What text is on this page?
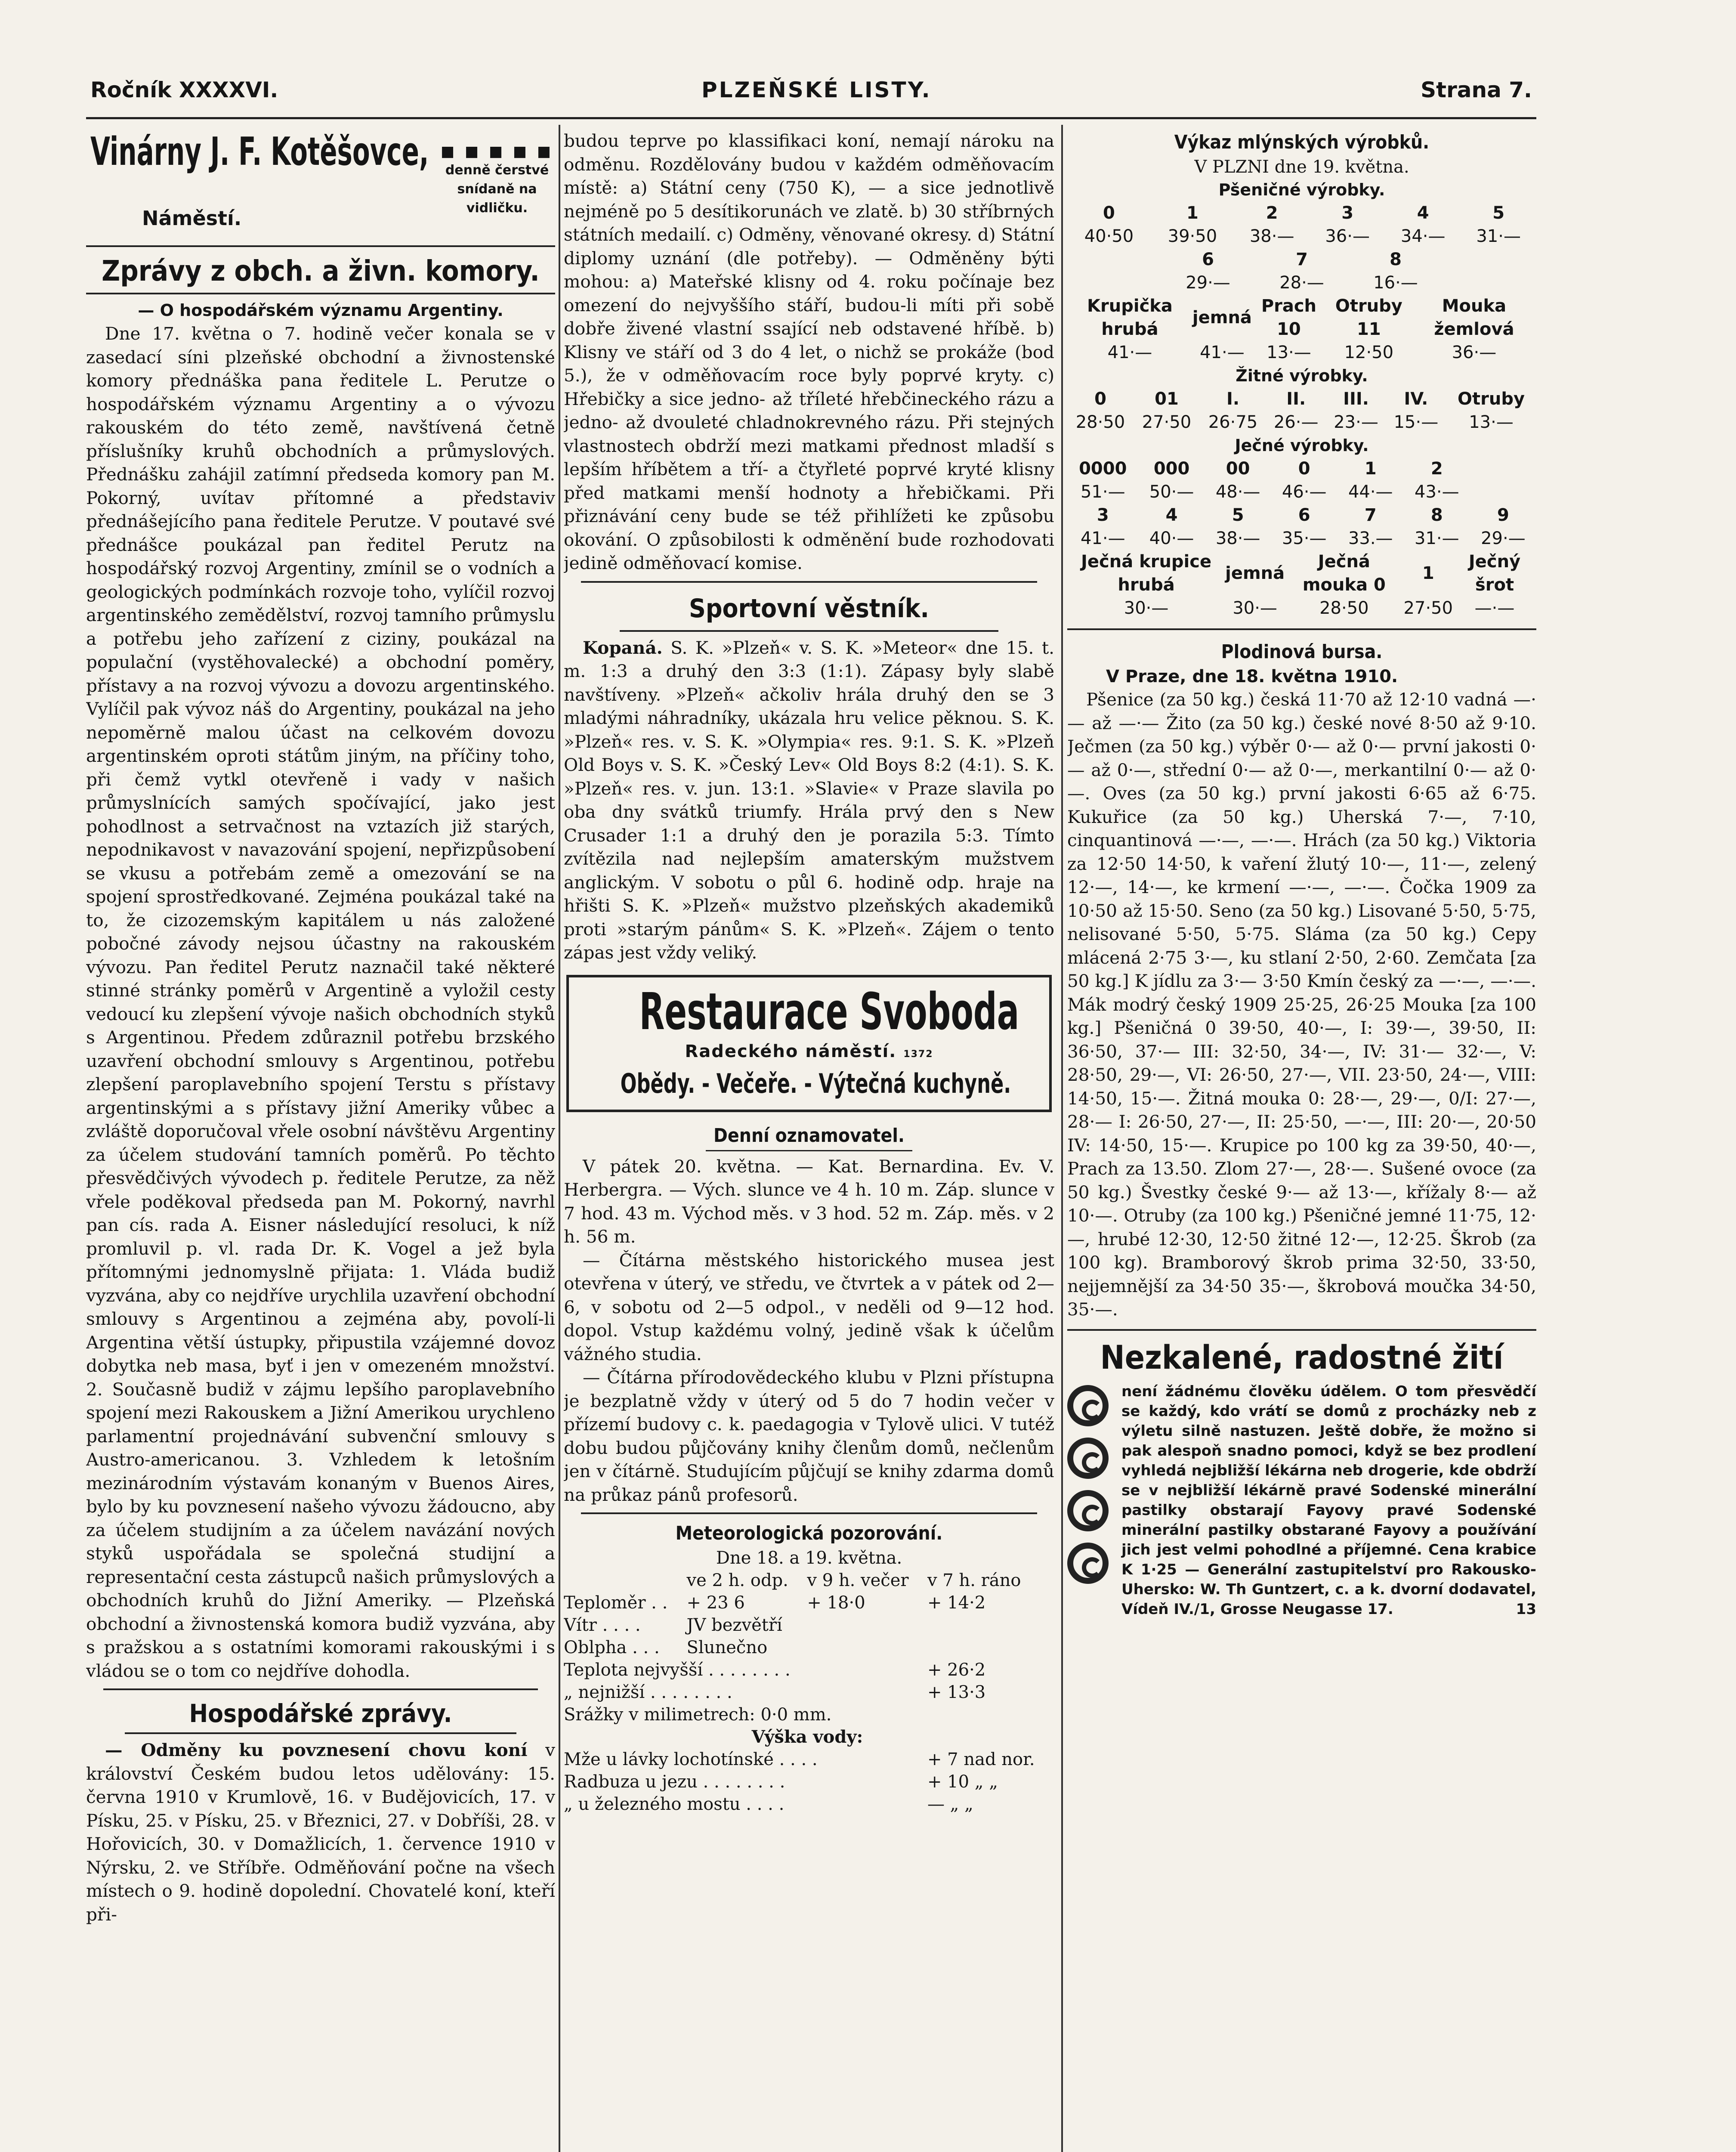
Ročník XXXXVI.	PLZEŇSKÉ LISTY.	Strana 7.
Vinárny J. F. Kotěšovce,
Náměstí.
■ ■ ■ ■ ■
denně čerstvé snídaně na vidličku.
Zprávy z obch. a živn. komory.

— O hospodářském významu Argentiny.

Dne 17. května o 7. hodině večer konala se v zasedací síni plzeňské obchodní a živnostenské komory přednáška pana ředitele L. Perutze o hospodářském významu Argentiny a o vývozu rakouském do této země, navštívená četně příslušníky kruhů obchodních a průmyslových. Přednášku zahájil zatímní předseda komory pan M. Pokorný, uvítav přítomné a představiv přednášejícího pana ředitele Perutze. V poutavé své přednášce poukázal pan ředitel Perutz na hospodářský rozvoj Argentiny, zmínil se o vodních a geologických podmínkách rozvoje toho, vylíčil rozvoj argentinského zemědělství, rozvoj tamního průmyslu a potřebu jeho zařízení z ciziny, poukázal na populační (vystěhovalecké) a obchodní poměry, přístavy a na rozvoj vývozu a dovozu argentinského. Vylíčil pak vývoz náš do Argentiny, poukázal na jeho nepoměrně malou účast na celkovém dovozu argentinském oproti státům jiným, na příčiny toho, při čemž vytkl otevřeně i vady v našich průmyslnících samých spočívající, jako jest pohodlnost a setrvačnost na vztazích již starých, nepodnikavost v navazování spojení, nepřizpůsobení se vkusu a potřebám země a omezování se na spojení sprostředkované. Zejména poukázal také na to, že cizozemským kapitálem u nás založené pobočné závody nejsou účastny na rakouském vývozu. Pan ředitel Perutz naznačil také některé stinné stránky poměrů v Argentině a vyložil cesty vedoucí ku zlepšení vývoje našich obchodních styků s Argentinou. Předem zdůraznil potřebu brzského uzavření obchodní smlouvy s Argentinou, potřebu zlepšení paroplavebního spojení Terstu s přístavy argentinskými a s přístavy jižní Ameriky vůbec a zvláště doporučoval vřele osobní návštěvu Argentiny za účelem studování tamních poměrů. Po těchto přesvědčivých vývodech p. ředitele Perutze, za něž vřele poděkoval předseda pan M. Pokorný, navrhl pan cís. rada A. Eisner následující resoluci, k níž promluvil p. vl. rada Dr. K. Vogel a jež byla přítomnými jednomyslně přijata: 1. Vláda budiž vyzvána, aby co nejdříve urychlila uzavření obchodní smlouvy s Argentinou a zejména aby, povolí-li Argentina větší ústupky, připustila vzájemné dovoz dobytka neb masa, byť i jen v omezeném množství. 2. Současně budiž v zájmu lepšího paroplavebního spojení mezi Rakouskem a Jižní Amerikou urychleno parlamentní projednávání subvenční smlouvy s Austro-americanou. 3. Vzhledem k letošním mezinárodním výstavám konaným v Buenos Aires, bylo by ku povznesení našeho vývozu žádoucno, aby za účelem studijním a za účelem navázání nových styků uspořádala se společná studijní a representační cesta zástupců našich průmyslových a obchodních kruhů do Jižní Ameriky. — Plzeňská obchodní a živnostenská komora budiž vyzvána, aby s pražskou a s ostatními komorami rakouskými i s vládou se o tom co nejdříve dohodla.

Hospodářské zprávy.

— Odměny ku povznesení chovu koní v království Českém budou letos udělovány: 15. června 1910 v Krumlově, 16. v Budějovicích, 17. v Písku, 25. v Písku, 25. v Březnici, 27. v Dobříši, 28. v Hořovicích, 30. v Domažlicích, 1. července 1910 v Nýrsku, 2. ve Stříbře. Odměňování počne na všech místech o 9. hodině dopolední. Chovatelé koní, kteří při-

budou teprve po klassifikaci koní, nemají nároku na odměnu. Rozdělovány budou v každém odměňovacím místě: a) Státní ceny (750 K), — a sice jednotlivě nejméně po 5 desítikorunách ve zlatě. b) 30 stříbrných státních medailí. c) Odměny, věnované okresy. d) Státní diplomy uznání (dle potřeby). — Odměněny býti mohou: a) Mateřské klisny od 4. roku počínaje bez omezení do nejvyššího stáří, budou-li míti při sobě dobře živené vlastní ssající neb odstavené hříbě. b) Klisny ve stáří od 3 do 4 let, o nichž se prokáže (bod 5.), že v odměňovacím roce byly poprvé kryty. c) Hřebičky a sice jedno- až tříleté hřebčineckého rázu a jedno- až dvouleté chladnokrevného rázu. Při stejných vlastnostech obdrží mezi matkami přednost mladší s lepším hříbětem a tří- a čtyřleté poprvé kryté klisny před matkami menší hodnoty a hřebičkami. Při přiznávání ceny bude se též přihlížeti ke způsobu okování. O způsobilosti k odměnění bude rozhodovati jedině odměňovací komise.

Sportovní věstník.

Kopaná. S. K. »Plzeň« v. S. K. »Meteor« dne 15. t. m. 1:3 a druhý den 3:3 (1:1). Zápasy byly slabě navštíveny. »Plzeň« ačkoliv hrála druhý den se 3 mladými náhradníky, ukázala hru velice pěknou. S. K. »Plzeň« res. v. S. K. »Olympia« res. 9:1. S. K. »Plzeň Old Boys v. S. K. »Český Lev« Old Boys 8:2 (4:1). S. K. »Plzeň« res. v. jun. 13:1. »Slavie« v Praze slavila po oba dny svátků triumfy. Hrála prvý den s New Crusader 1:1 a druhý den je porazila 5:3. Tímto zvítězila nad nejlepším amaterským mužstvem anglickým. V sobotu o půl 6. hodině odp. hraje na hřišti S. K. »Plzeň« mužstvo plzeňských akademiků proti »starým pánům« S. K. »Plzeň«. Zájem o tento zápas jest vždy veliký.

Restaurace Svoboda
Radeckého náměstí. 1372
Obědy. - Večeře. - Výtečná kuchyně.
Denní oznamovatel.

V pátek 20. května. — Kat. Bernardina. Ev. V. Herbergra. — Vých. slunce ve 4 h. 10 m. Záp. slunce v 7 hod. 43 m. Východ měs. v 3 hod. 52 m. Záp. měs. v 2 h. 56 m.

— Čítárna městského historického musea jest otevřena v úterý, ve středu, ve čtvrtek a v pátek od 2—6, v sobotu od 2—5 odpol., v neděli od 9—12 hod. dopol. Vstup každému volný, jedině však k účelům vážného studia.

— Čítárna přírodovědeckého klubu v Plzni přístupna je bezplatně vždy v úterý od 5 do 7 hodin večer v přízemí budovy c. k. paedagogia v Tylově ulici. V tutéž dobu budou půjčovány knihy členům domů, nečlenům jen v čítárně. Studujícím půjčují se knihy zdarma domů na průkaz pánů profesorů.

Meteorologická pozorování.

Dne 18. a 19. května.

	ve 2 h. odp.	v 9 h. večer	v 7 h. ráno
Teploměr . .	+ 23 6	+ 18·0	+ 14·2
Vítr . . . .	JV bezvětří		
Oblpha . . .	Slunečno		
Teplota nejvyšší . . . . . . . .			+ 26·2
„ nejnižší . . . . . . . .			+ 13·3
Srážky v milimetrech: 0·0 mm.			
Výška vody:			
Mže u lávky lochotínské . . . .			+ 7 nad nor.
Radbuza u jezu . . . . . . . .			+ 10 „ „
„ u železného mostu . . . .			— „ „
Výkaz mlýnských výrobků.

V PLZNI dne 19. května.

Pšeničné výrobky.

0	1	2	3	4	5
40·50	39·50	38·—	36·—	34·—	31·—
6	7	8
29·—	28·—	16·—
Krupička hrubá	jemná	Prach 10	Otruby 11	Mouka žemlová
41·—	41·—	13·—	12·50	36·—

Žitné výrobky.

0	01	I.	II.	III.	IV.	Otruby
28·50	27·50	26·75	26·—	23·—	15·—	13·—

Ječné výrobky.

0000	000	00	0	1	2	
51·—	50·—	48·—	46·—	44·—	43·—	
3	4	5	6	7	8	9
41·—	40·—	38·—	35·—	33.—	31·—	29·—
Ječná krupice hrubá	jemná	Ječná mouka 0	1	Ječný šrot
30·—	30·—	28·50	27·50	—·—
Plodinová bursa.

V Praze, dne 18. května 1910.

Pšenice (za 50 kg.) česká 11·70 až 12·10 vadná —·— až —·— Žito (za 50 kg.) české nové 8·50 až 9·10. Ječmen (za 50 kg.) výběr 0·— až 0·— první jakosti 0·— až 0·—, střední 0·— až 0·—, merkantilní 0·— až 0·—. Oves (za 50 kg.) první jakosti 6·65 až 6·75. Kukuřice (za 50 kg.) Uherská 7·—, 7·10, cinquantinová —·—, —·—. Hrách (za 50 kg.) Viktoria za 12·50 14·50, k vaření žlutý 10·—, 11·—, zelený 12·—, 14·—, ke krmení —·—, —·—. Čočka 1909 za 10·50 až 15·50. Seno (za 50 kg.) Lisované 5·50, 5·75, nelisované 5·50, 5·75. Sláma (za 50 kg.) Cepy mlácená 2·75 3·—, ku stlaní 2·50, 2·60. Zemčata [za 50 kg.] K jídlu za 3·— 3·50 Kmín český za —·—, —·—. Mák modrý český 1909 25·25, 26·25 Mouka [za 100 kg.] Pšeničná 0 39·50, 40·—, I: 39·—, 39·50, II: 36·50, 37·— III: 32·50, 34·—, IV: 31·— 32·—, V: 28·50, 29·—, VI: 26·50, 27·—, VII. 23·50, 24·—, VIII: 14·50, 15·—. Žitná mouka 0: 28·—, 29·—, 0/I: 27·—, 28·— I: 26·50, 27·—, II: 25·50, —·—, III: 20·—, 20·50 IV: 14·50, 15·—. Krupice po 100 kg za 39·50, 40·—, Prach za 13.50. Zlom 27·—, 28·—. Sušené ovoce (za 50 kg.) Švestky české 9·— až 13·—, křížaly 8·— až 10·—. Otruby (za 100 kg.) Pšeničné jemné 11·75, 12·—, hrubé 12·30, 12·50 žitné 12·—, 12·25. Škrob (za 100 kg). Bramborový škrob prima 32·50, 33·50, nejjemnější za 34·50 35·—, škrobová moučka 34·50, 35·—.

Nezkalené, radostné žití
není žádnému člověku údělem. O tom přesvědčí se každý, kdo vrátí se domů z procházky neb z výletu silně nastuzen. Ještě dobře, že možno si pak alespoň snadno pomoci, když se bez prodlení vyhledá nejbližší lékárna neb drogerie, kde obdrží se v nejbližší lékárně pravé Sodenské minerální pastilky obstarají Fayovy pravé Sodenské minerální pastilky obstarané Fayovy a používání jich jest velmi pohodlné a příjemné. Cena krabice K 1·25 — Generální zastupitelství pro Rakousko-Uhersko: W. Th Guntzert, c. a k. dvorní dodavatel, Vídeň IV./1, Grosse Neugasse 17.	13
